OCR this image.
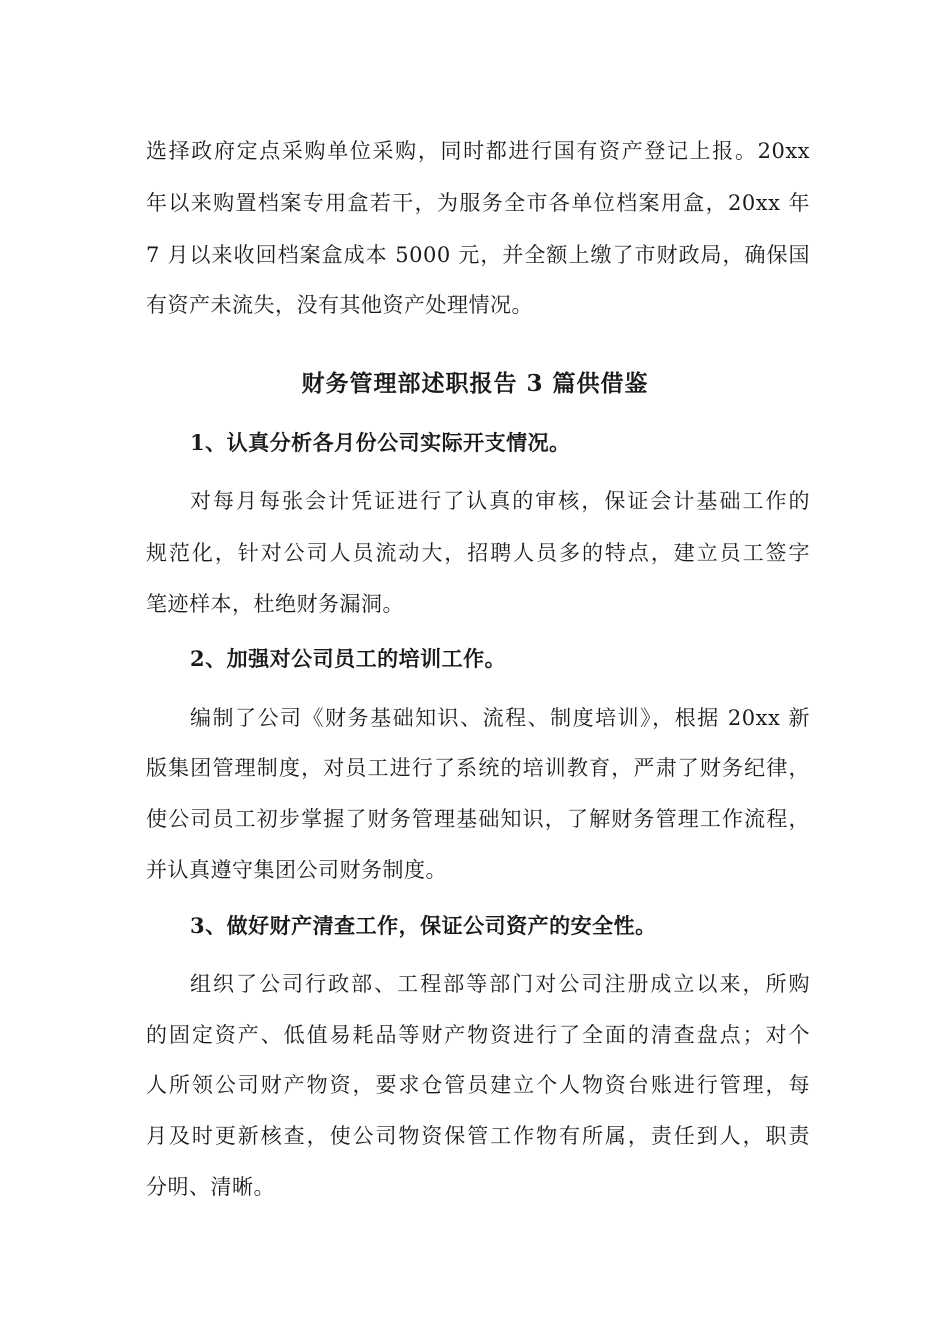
选择政府定点采购单位采购，同时都进行国有资产登记上报。20xx
年以来购置档案专用盒若干，为服务全市各单位档案用盒，20xx 年
7 月以来收回档案盒成本 5000 元，并全额上缴了市财政局，确保国
有资产未流失，没有其他资产处理情况。
财务管理部述职报告 3 篇供借鉴
1、认真分析各月份公司实际开支情况。
对每月每张会计凭证进行了认真的审核，保证会计基础工作的
规范化，针对公司人员流动大，招聘人员多的特点，建立员工签字
笔迹样本，杜绝财务漏洞。
2、加强对公司员工的培训工作。
编制了公司《财务基础知识、流程、制度培训》，根据 20xx 新
版集团管理制度，对员工进行了系统的培训教育，严肃了财务纪律，
使公司员工初步掌握了财务管理基础知识，了解财务管理工作流程，
并认真遵守集团公司财务制度。
3、做好财产清查工作，保证公司资产的安全性。
组织了公司行政部、工程部等部门对公司注册成立以来，所购
的固定资产、低值易耗品等财产物资进行了全面的清查盘点；对个
人所领公司财产物资，要求仓管员建立个人物资台账进行管理，每
月及时更新核查，使公司物资保管工作物有所属，责任到人，职责
分明、清晰。
